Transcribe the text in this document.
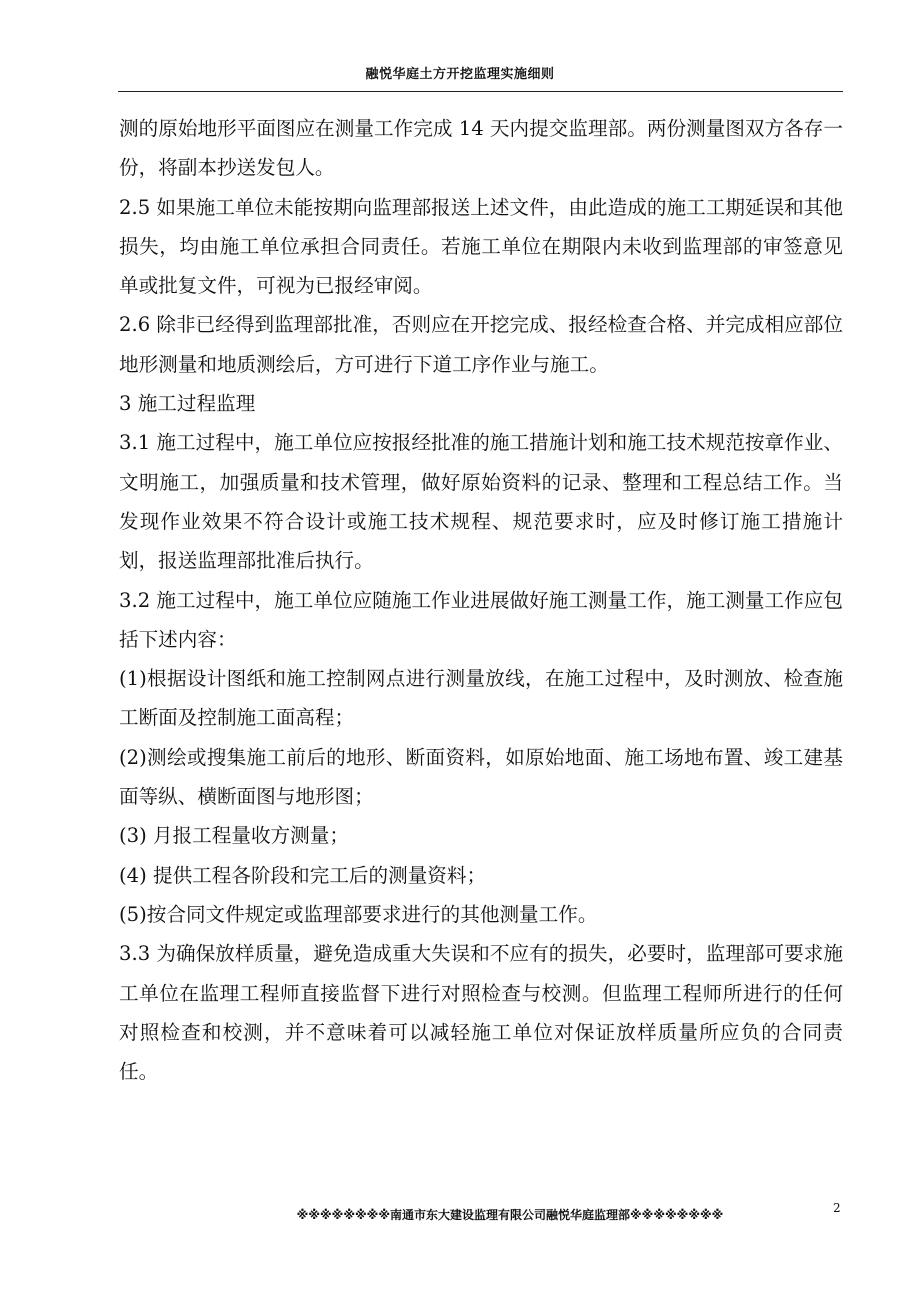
融悦华庭土方开挖监理实施细则

测的原始地形平面图应在测量工作完成 14 天内提交监理部。两份测量图双方各存一份，将副本抄送发包人。

2.5 如果施工单位未能按期向监理部报送上述文件，由此造成的施工工期延误和其他损失，均由施工单位承担合同责任。若施工单位在期限内未收到监理部的审签意见单或批复文件，可视为已报经审阅。

2.6 除非已经得到监理部批准，否则应在开挖完成、报经检查合格、并完成相应部位地形测量和地质测绘后，方可进行下道工序作业与施工。

3 施工过程监理

3.1 施工过程中，施工单位应按报经批准的施工措施计划和施工技术规范按章作业、文明施工，加强质量和技术管理，做好原始资料的记录、整理和工程总结工作。当发现作业效果不符合设计或施工技术规程、规范要求时，应及时修订施工措施计划，报送监理部批准后执行。

3.2 施工过程中，施工单位应随施工作业进展做好施工测量工作，施工测量工作应包括下述内容：

(1)根据设计图纸和施工控制网点进行测量放线，在施工过程中，及时测放、检查施工断面及控制施工面高程；

(2)测绘或搜集施工前后的地形、断面资料，如原始地面、施工场地布置、竣工建基面等纵、横断面图与地形图；

(3) 月报工程量收方测量；

(4) 提供工程各阶段和完工后的测量资料；

(5)按合同文件规定或监理部要求进行的其他测量工作。

3.3 为确保放样质量，避免造成重大失误和不应有的损失，必要时，监理部可要求施工单位在监理工程师直接监督下进行对照检查与校测。但监理工程师所进行的任何对照检查和校测，并不意味着可以减轻施工单位对保证放样质量所应负的合同责任。

※※※※※※※※南通市东大建设监理有限公司融悦华庭监理部※※※※※※※※	2
